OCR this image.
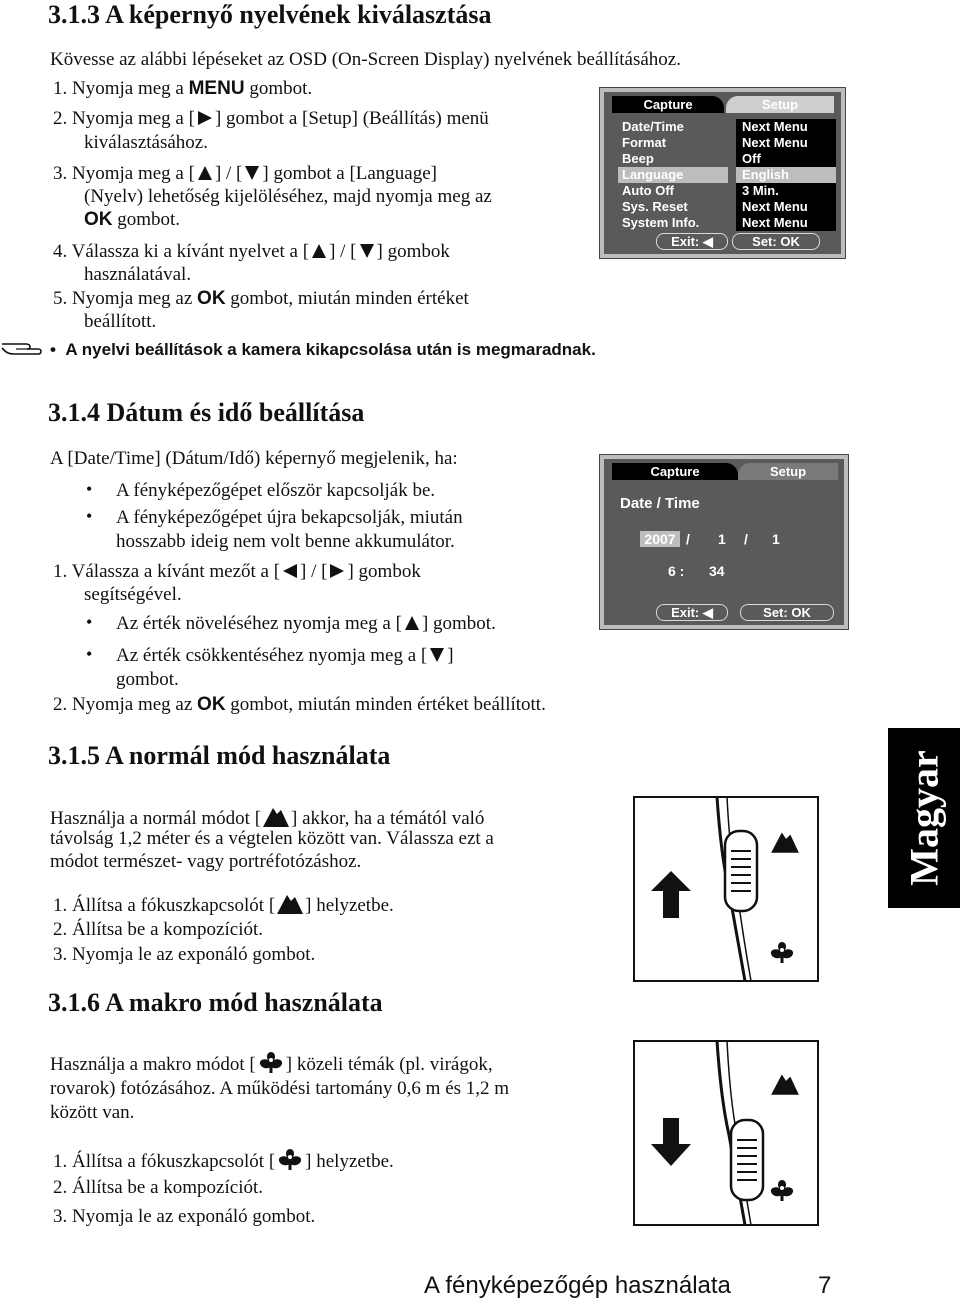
3.1.3 A képernyő nyelvének kiválasztása
Kövesse az alábbi lépéseket az OSD (On-Screen Display) nyelvének beállításához.
1. Nyomja meg a MENU gombot.
2. Nyomja meg a [ ] gombot a [Setup] (Beállítás) menü
kiválasztásához.
3. Nyomja meg a [ ] / [ ] gombot a [Language]
(Nyelv) lehetőség kijelöléséhez, majd nyomja meg az
OK gombot.
4. Válassza ki a kívánt nyelvet a [ ] / [ ] gombok
használatával.
5. Nyomja meg az OK gombot, miután minden értéket
beállított.
•  A nyelvi beállítások a kamera kikapcsolása után is megmaradnak.
Capture	Setup
Date/Time	Next Menu
Format	Next Menu
Beep	Off
Language	English
Auto Off	3 Min.
Sys. Reset	Next Menu
System Info.	Next Menu
Exit: ◀	Set: OK
3.1.4 Dátum és idő beállítása
A [Date/Time] (Dátum/Idő) képernyő megjelenik, ha:
• A fényképezőgépet először kapcsolják be.
• A fényképezőgépet újra bekapcsolják, miután
hosszabb ideig nem volt benne akkumulátor.
1. Válassza a kívánt mezőt a [ ] / [ ] gombok
segítségével.
• Az érték növeléséhez nyomja meg a [ ] gombot.
• Az érték csökkentéséhez nyomja meg a [ ]
gombot.
2. Nyomja meg az OK gombot, miután minden értéket beállított.
Capture	Setup
Date / Time
2007 / 1 / 1
6 : 34
Exit: ◀	Set: OK
3.1.5 A normál mód használata
Használja a normál módot [ ] akkor, ha a témától való
távolság 1,2 méter és a végtelen között van. Válassza ezt a
módot természet- vagy portréfotózáshoz.
1. Állítsa a fókuszkapcsolót [ ] helyzetbe.
2. Állítsa be a kompozíciót.
3. Nyomja le az exponáló gombot.
3.1.6 A makro mód használata
Használja a makro módot [ ] közeli témák (pl. virágok,
rovarok) fotózásához. A működési tartomány 0,6 m és 1,2 m
között van.
1. Állítsa a fókuszkapcsolót [ ] helyzetbe.
2. Állítsa be a kompozíciót.
3. Nyomja le az exponáló gombot.
Magyar
A fényképezőgép használata	7
